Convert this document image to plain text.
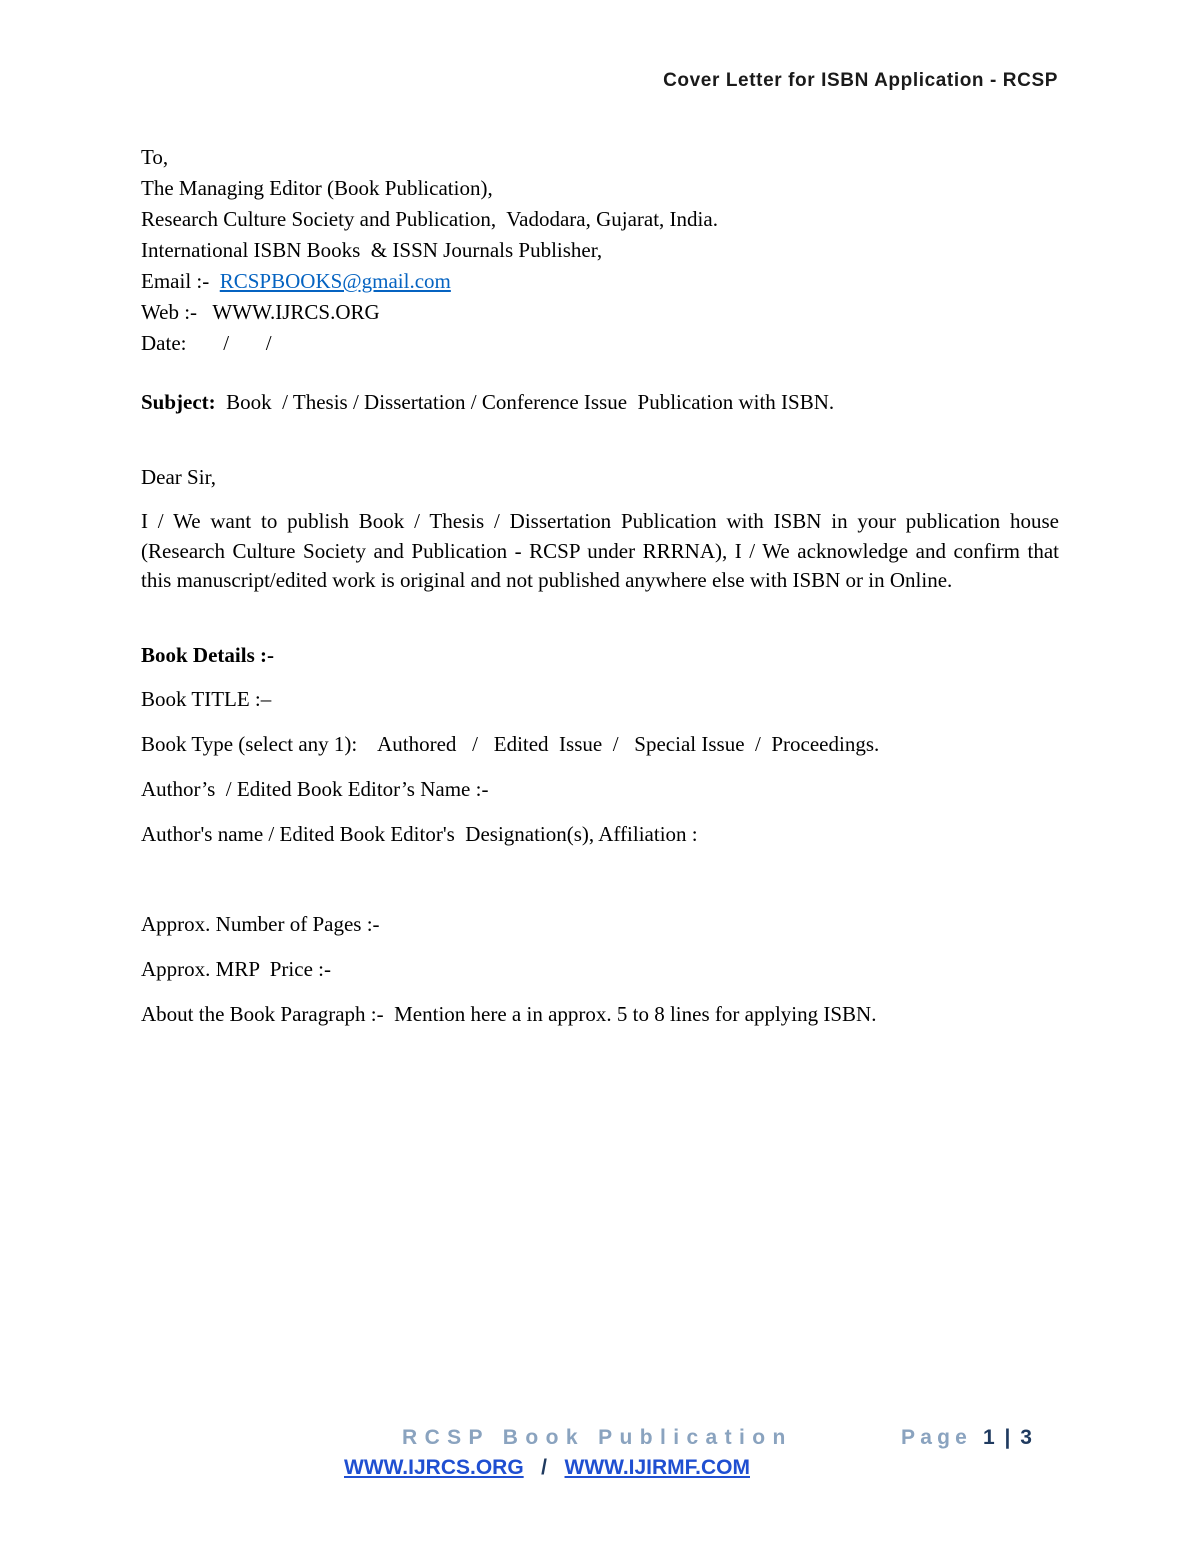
Cover Letter for ISBN Application - RCSP
To,
The Managing Editor (Book Publication),
Research Culture Society and Publication,  Vadodara, Gujarat, India.
International ISBN Books  & ISSN Journals Publisher,
Email :-  RCSPBOOKS@gmail.com
Web :-   WWW.IJRCS.ORG
Date:       /       /
Subject:  Book  / Thesis / Dissertation / Conference Issue  Publication with ISBN.
Dear Sir,
I / We want to publish Book / Thesis / Dissertation Publication with ISBN in your publication house (Research Culture Society and Publication - RCSP under RRRNA), I / We acknowledge and confirm that this manuscript/edited work is original and not published anywhere else with ISBN or in Online.
Book Details :-
Book TITLE :–
Book Type (select any 1):    Authored   /   Edited  Issue  /   Special Issue  /  Proceedings.
Author’s  / Edited Book Editor’s Name :-
Author's name / Edited Book Editor's  Designation(s), Affiliation :
Approx. Number of Pages :-
Approx. MRP  Price :-
About the Book Paragraph :-  Mention here a in approx. 5 to 8 lines for applying ISBN.
RCSP Book Publication	Page 1 | 3
WWW.IJRCS.ORG   /   WWW.IJIRMF.COM
